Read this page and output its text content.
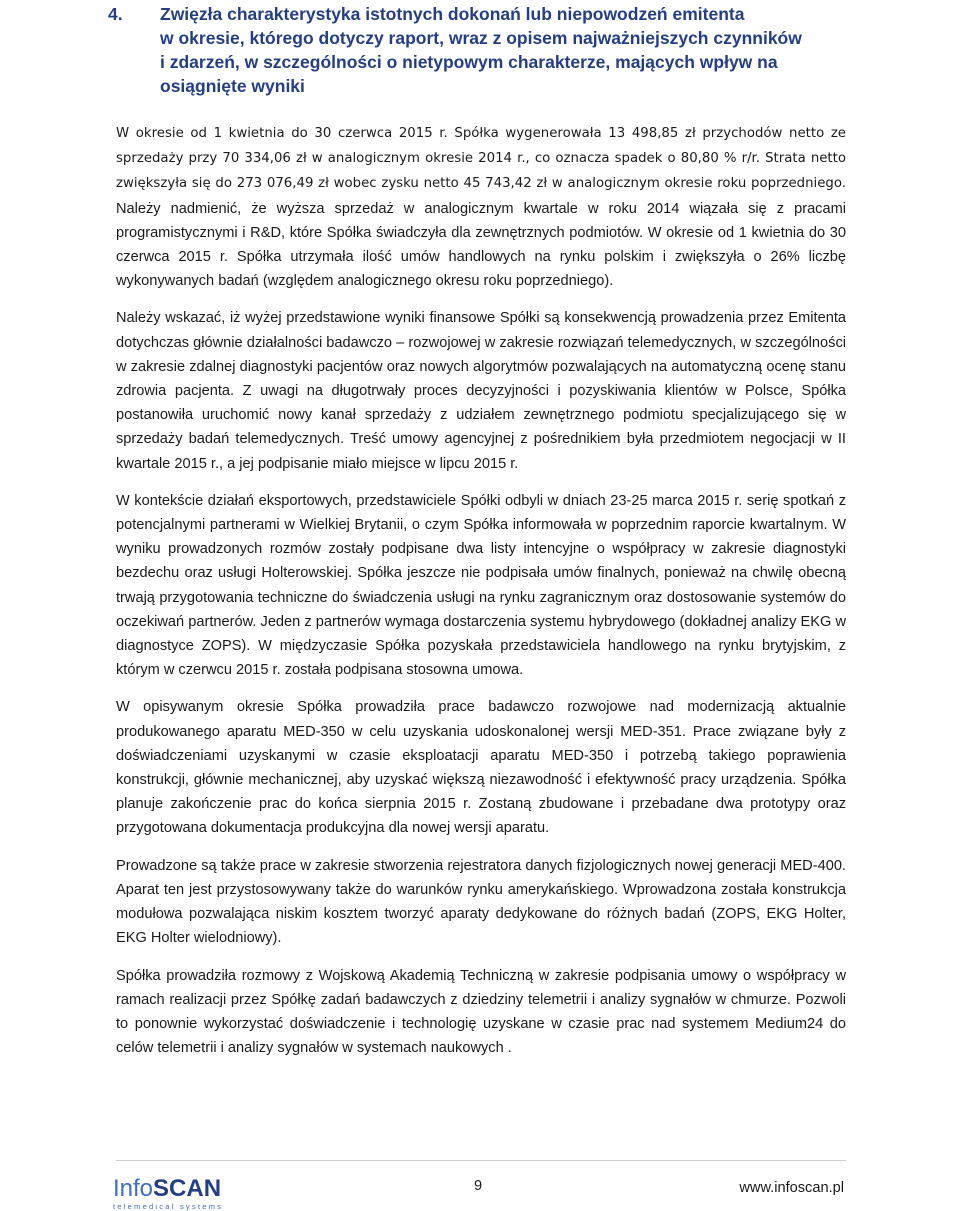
4.	Zwięzła charakterystyka istotnych dokonań lub niepowodzeń emitenta
w okresie, którego dotyczy raport, wraz z opisem najważniejszych czynników
i zdarzeń, w szczególności o nietypowym charakterze, mających wpływ na
osiągnięte wyniki

W okresie od 1 kwietnia do 30 czerwca 2015 r. Spółka wygenerowała 13 498,85 zł przychodów netto ze sprzedaży przy 70 334,06 zł w analogicznym okresie 2014 r., co oznacza spadek o 80,80 % r/r. Strata netto zwiększyła się do 273 076,49 zł wobec zysku netto 45 743,42 zł w analogicznym okresie roku poprzedniego. Należy nadmienić, że wyższa sprzedaż w analogicznym kwartale w roku 2014 wiązała się z pracami programistycznymi i R&D, które Spółka świadczyła dla zewnętrznych podmiotów. W okresie od 1 kwietnia do 30 czerwca 2015 r. Spółka utrzymała ilość umów handlowych na rynku polskim i zwiększyła o 26% liczbę wykonywanych badań (względem analogicznego okresu roku poprzedniego).

Należy wskazać, iż wyżej przedstawione wyniki finansowe Spółki są konsekwencją prowadzenia przez Emitenta dotychczas głównie działalności badawczo – rozwojowej w zakresie rozwiązań telemedycznych, w szczególności w zakresie zdalnej diagnostyki pacjentów oraz nowych algorytmów pozwalających na automatyczną ocenę stanu zdrowia pacjenta. Z uwagi na długotrwały proces decyzyjności i pozyskiwania klientów w Polsce, Spółka postanowiła uruchomić nowy kanał sprzedaży z udziałem zewnętrznego podmiotu specjalizującego się w sprzedaży badań telemedycznych. Treść umowy agencyjnej z pośrednikiem była przedmiotem negocjacji w II kwartale 2015 r., a jej podpisanie miało miejsce w lipcu 2015 r.

W kontekście działań eksportowych, przedstawiciele Spółki odbyli w dniach 23-25 marca 2015 r. serię spotkań z potencjalnymi partnerami w Wielkiej Brytanii, o czym Spółka informowała w poprzednim raporcie kwartalnym. W wyniku prowadzonych rozmów zostały podpisane dwa listy intencyjne o współpracy w zakresie diagnostyki bezdechu oraz usługi Holterowskiej. Spółka jeszcze nie podpisała umów finalnych, ponieważ na chwilę obecną trwają przygotowania techniczne do świadczenia usługi na rynku zagranicznym oraz dostosowanie systemów do oczekiwań partnerów. Jeden z partnerów wymaga dostarczenia systemu hybrydowego (dokładnej analizy EKG w diagnostyce ZOPS). W międzyczasie Spółka pozyskała przedstawiciela handlowego na rynku brytyjskim, z którym w czerwcu 2015 r. została podpisana stosowna umowa.

W opisywanym okresie Spółka prowadziła prace badawczo rozwojowe nad modernizacją aktualnie produkowanego aparatu MED-350 w celu uzyskania udoskonalonej wersji MED-351. Prace związane były z doświadczeniami uzyskanymi w czasie eksploatacji aparatu MED-350 i potrzebą takiego poprawienia konstrukcji, głównie mechanicznej, aby uzyskać większą niezawodność i efektywność pracy urządzenia. Spółka planuje zakończenie prac do końca sierpnia 2015 r. Zostaną zbudowane i przebadane dwa prototypy oraz przygotowana dokumentacja produkcyjna dla nowej wersji aparatu.

Prowadzone są także prace w zakresie stworzenia rejestratora danych fizjologicznych nowej generacji MED-400. Aparat ten jest przystosowywany także do warunków rynku amerykańskiego. Wprowadzona została konstrukcja modułowa pozwalająca niskim kosztem tworzyć aparaty dedykowane do różnych badań (ZOPS, EKG Holter, EKG Holter wielodniowy).

Spółka prowadziła rozmowy z Wojskową Akademią Techniczną w zakresie podpisania umowy o współpracy w ramach realizacji przez Spółkę zadań badawczych z dziedziny telemetrii i analizy sygnałów w chmurze. Pozwoli to ponownie wykorzystać doświadczenie i technologię uzyskane w czasie prac nad systemem Medium24 do celów telemetrii i analizy sygnałów w systemach naukowych .

InfoSCAN
telemedical systems
9	www.infoscan.pl
